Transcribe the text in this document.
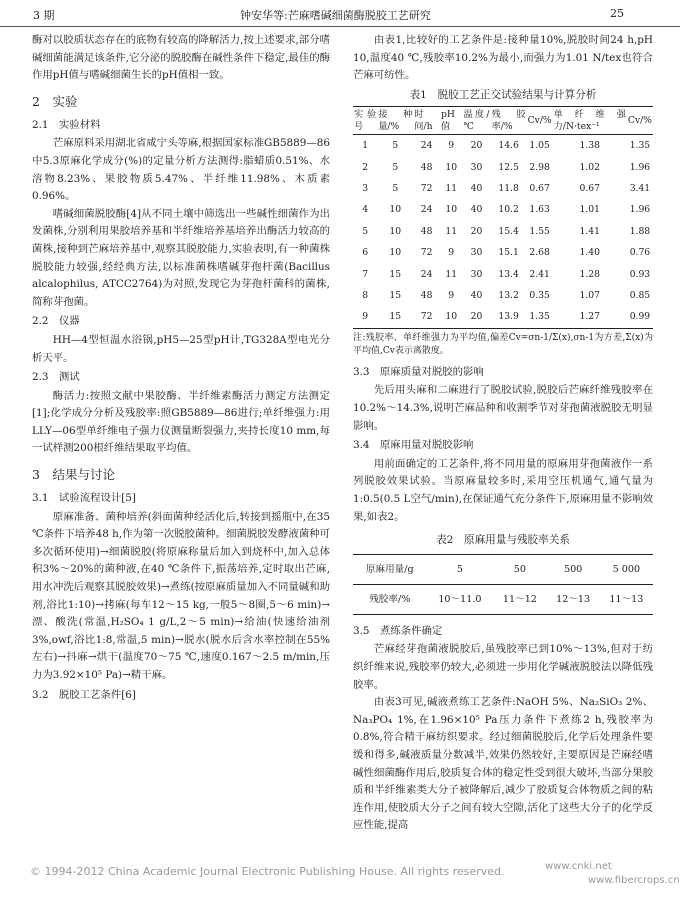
3 期	钟安华等:芒麻嗜碱细菌酶脱胶工艺研究	25

酶对以胶质状态存在的底物有较高的降解活力,按上述要求,部分嗜碱细菌能满足该条件,它分泌的脱胶酶在碱性条件下稳定,最佳的酶作用pH值与嗜碱细菌生长的pH值相一致。

2　实验

2.1　实验材料

芒麻原料采用湖北省咸宁头等麻,根据国家标准GB5889—86中5.3原麻化学成分(%)的定量分析方法测得:脂蜡质0.51%、水溶物8.23%、果胶物质5.47%、半纤维11.98%、木质素0.96%。

嗜碱细菌脱胶酶[4]从不同土壤中筛选出一些碱性细菌作为出发菌株,分别利用果胶培养基和半纤维培养基培养出酶活力较高的菌株,接种到芒麻培养基中,观察其脱胶能力,实验表明,有一种菌株脱胶能力较强,经经典方法,以标准菌株嗜碱芽孢杆菌(Bacillus alcalophilus, ATCC2764)为对照,发现它为芽孢杆菌科的菌株,简称芽孢菌。

2.2　仪器

HH—4型恒温水浴锅,pH5—25型pH计,TG328A型电光分析天平。

2.3　测试

酶活力:按照文献中果胶酶、半纤维素酶活力测定方法测定[1];化学成分分析及残胶率:照GB5889—86进行;单纤维强力:用LLY—06型单纤维电子强力仪测量断裂强力,夹持长度10 mm,每一试样测200根纤维结果取平均值。

3　结果与讨论

3.1　试验流程设计[5]

原麻准备、菌种培养(斜面菌种经活化后,转接到摇瓶中,在35 ℃条件下培养48 h,作为第一次脱胶菌种。细菌脱胶发酵液菌种可多次循环使用)→细菌脱胶(将原麻称量后加入到烧杯中,加入总体积3%～20%的菌种液,在40 ℃条件下,振荡培养,定时取出芒麻,用水冲洗后观察其脱胶效果)→煮练(按原麻质量加入不同量碱和助剂,浴比1:10)→拷麻(每车12～15 kg,一般5～8圈,5～6 min)→漂、酸洗(常温,H₂SO₄ 1 g/L,2～5 min)→给油(快速给油剂3%,owf,浴比1:8,常温,5 min)→脱水(脱水后含水率控制在55%左右)→抖麻→烘干(温度70～75 ℃,速度0.167～2.5 m/min,压力为3.92×10⁵ Pa)→精干麻。

3.2　脱胶工艺条件[6]

由表1,比较好的工艺条件是:接种量10%,脱胶时间24 h,pH 10,温度40 ℃,残胶率10.2%为最小,而强力为1.01 N/tex也符合芒麻可纺性。

表1　脱胶工艺正交试验结果与计算分析

实验号	接种量/%	时间/h	pH值	温度/℃	残胶率/%	Cv/%	单纤维强力/N·tex⁻¹	Cv/%
1	5	24	9	20	14.6	1.05	1.38	1.35
2	5	48	10	30	12.5	2.98	1.02	1.96
3	5	72	11	40	11.8	0.67	0.67	3.41
4	10	24	10	40	10.2	1.63	1.01	1.96
5	10	48	11	20	15.4	1.55	1.41	1.88
6	10	72	9	30	15.1	2.68	1.40	0.76
7	15	24	11	30	13.4	2.41	1.28	0.93
8	15	48	9	40	13.2	0.35	1.07	0.85
9	15	72	10	20	13.9	1.35	1.27	0.99

注:残胶率、单纤维强力为平均值,偏差Cv=σn-1/Σ(x),σn-1为方差,Σ(x)为平均值,Cv表示离散度。

3.3　原麻质量对脱胶的影响

先后用头麻和二麻进行了脱胶试验,脱胶后芒麻纤维残胶率在10.2%～14.3%,说明芒麻品种和收割季节对芽孢菌液脱胶无明显影响。

3.4　原麻用量对脱胶影响

用前面确定的工艺条件,将不同用量的原麻用芽孢菌液作一系列脱胶效果试验。当原麻量较多时,采用空压机通气,通气量为1:0.5(0.5 L空气/min),在保证通气充分条件下,原麻用量不影响效果,如表2。

表2　原麻用量与残胶率关系

原麻用量/g	5	50	500	5 000
残胶率/%	10～11.0	11～12	12～13	11～13

3.5　煮练条件确定

芒麻经芽孢菌液脱胶后,虽残胶率已到10%～13%,但对于纺织纤维来说,残胶率仍较大,必须进一步用化学碱液脱胶法以降低残胶率。

由表3可见,碱液煮练工艺条件:NaOH 5%、Na₂SiO₃ 2%、Na₃PO₄ 1%,在1.96×10⁵ Pa压力条件下煮练2 h,残胶率为0.8%,符合精干麻纺织要求。经过细菌脱胶后,化学后处理条件要缓和得多,碱液质量分数减半,效果仍然较好,主要原因是芒麻经嗜碱性细菌酶作用后,胶质复合体的稳定性受到很大破坏,当部分果胶质和半纤维素类大分子被降解后,减少了胶质复合体物质之间的粘连作用,使胶质大分子之间有较大空隙,活化了这些大分子的化学反应性能,提高

© 1994-2012 China Academic Journal Electronic Publishing House. All rights reserved.	www.cnki.net
www.fibercrops.cn
